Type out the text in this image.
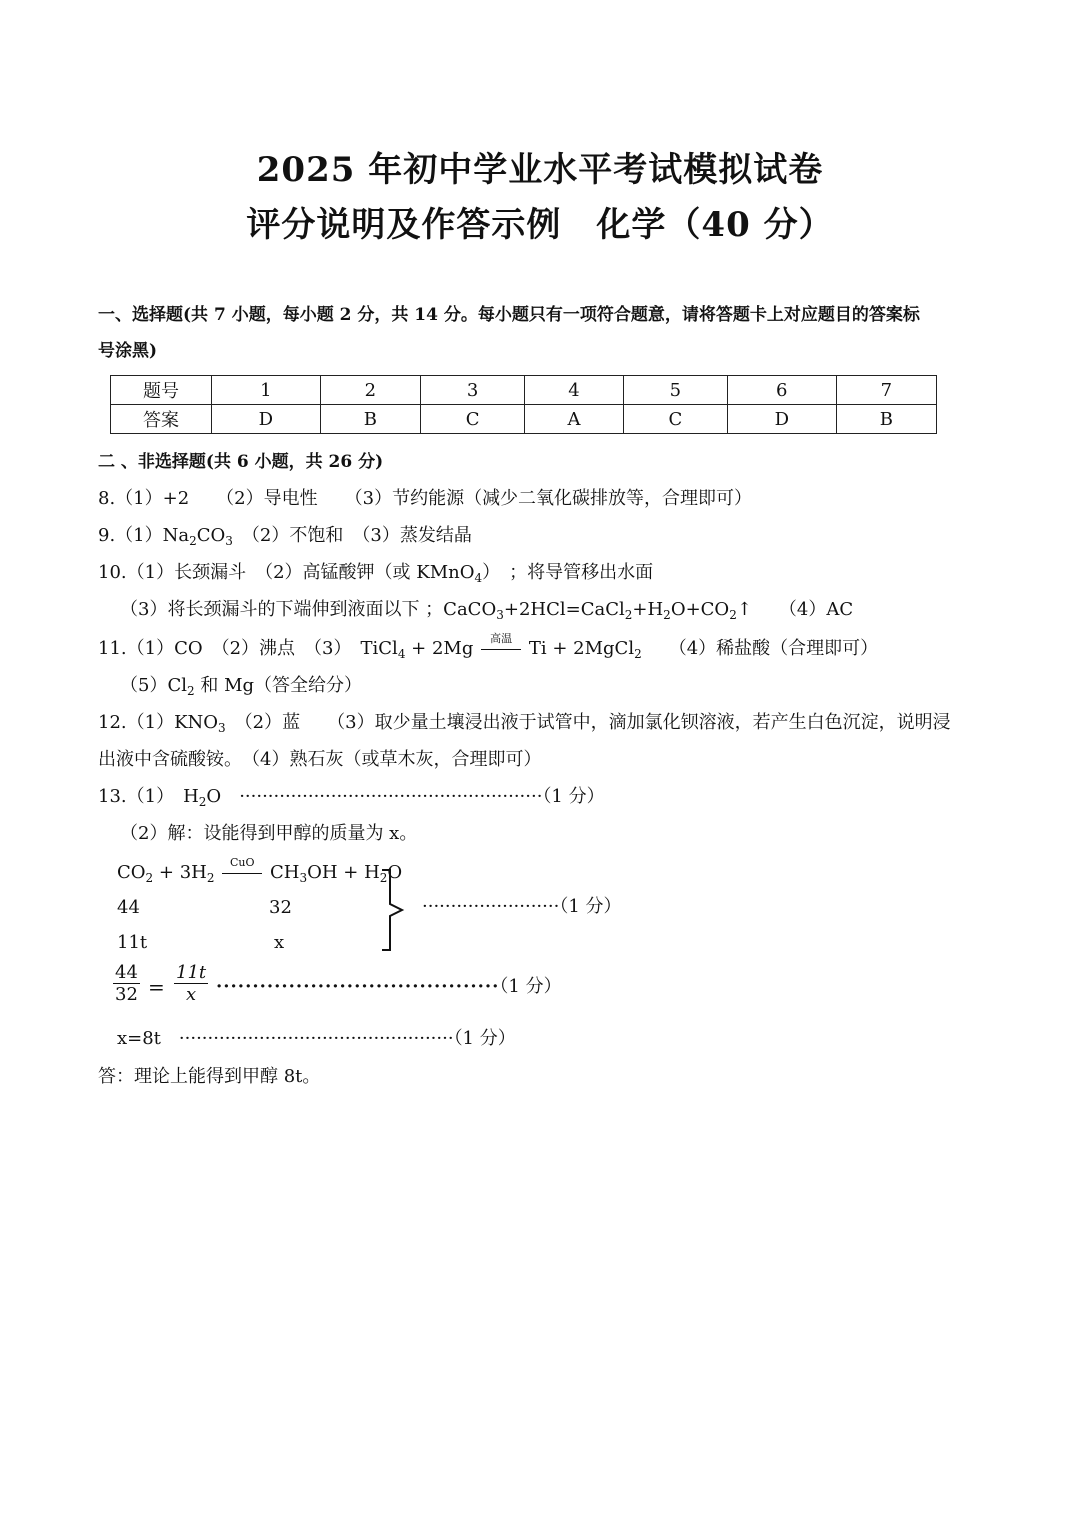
2025 年初中学业水平考试模拟试卷
评分说明及作答示例　化学（40 分）
一、选择题(共 7 小题，每小题 2 分，共 14 分。每小题只有一项符合题意，请将答题卡上对应题目的答案标
号涂黑)
题号	1	2	3	4	5	6	7
答案	D	B	C	A	C	D	B
二 、非选择题(共 6 小题，共 26 分)
8.（1）+2　　（2）导电性　　（3）节约能源（减少二氧化碳排放等，合理即可）
$9.(1)Na_2CO_3$　（2）不饱和　（3）蒸发结晶
10.（1）长颈漏斗　（2）高锰酸钾（或 KMnO$_4$）　；将导管移出水面
（3）将长颈漏斗的下端伸到液面以下 ；$CaCO_3+2HCl=CaCl_2+H_2O+CO_2↑$　　（4）AC
11.（1）CO　（2）沸点　（3）　TiCl$_4$ + 2Mg	高温 Ti + 2MgCl$_2$　　（4）稀盐酸（合理即可）
$(5)Cl_2$ 和 Mg（答全给分）
$12.(1)KNO_3$　（2）蓝　　（3）取少量土壤浸出液于试管中，滴加氯化钡溶液，若产生白色沉淀，说明浸
出液中含硫酸铵。　（4）熟石灰（或草木灰，合理即可）
13.（1）　$H_2O$　·····················································（1 分）
（2）解：设能得到甲醇的质量为 x。
$CO_2 + 3H_2$
CuO $CH_3OH + H_2O$
44	32
11t	x
························（1 分）
$\frac{44}{32} = \frac{11t}{x} \cdot\cdot\cdot\cdot\cdot\cdot\cdot\cdot\cdot\cdot\cdot\cdot\cdot\cdot\cdot\cdot\cdot\cdot\cdot\cdot\cdot\cdot\cdot\cdot\cdot\cdot\cdot\cdot\cdot\cdot\cdot\cdot\cdot\cdot\cdot\cdot\cdot\cdot\cdot(1$ 分）
x=8t　 ················································（1 分）
答：理论上能得到甲醇 8t。
